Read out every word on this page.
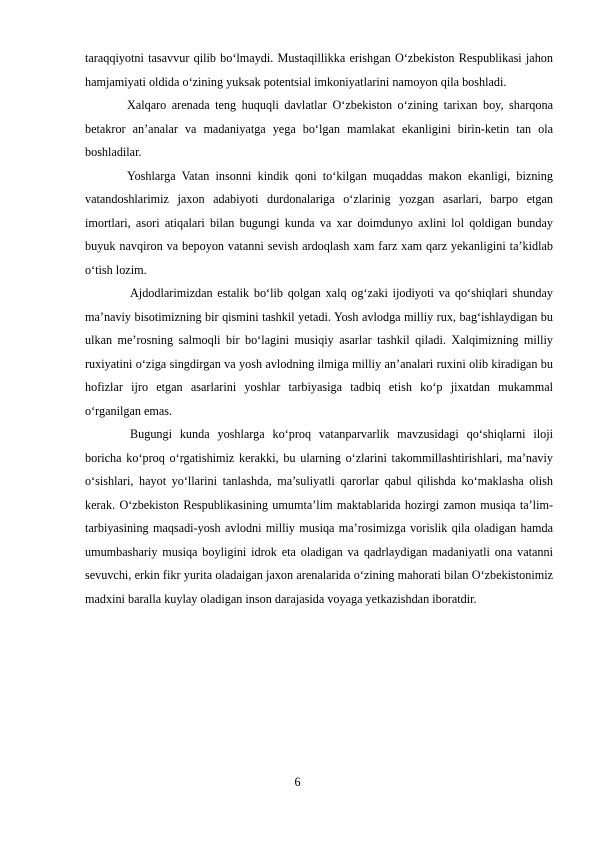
taraqqiyotni tasavvur qilib bo‘lmaydi. Mustaqillikka erishgan O‘zbekiston Respublikasi jahon hamjamiyati oldida o‘zining yuksak potentsial imkoniyatlarini namoyon qila boshladi.

Xalqaro arenada teng huquqli davlatlar O‘zbekiston o‘zining tarixan boy, sharqona betakror an’analar va madaniyatga yega bo‘lgan mamlakat ekanligini birin-ketin tan ola boshladilar.

Yoshlarga Vatan insonni kindik qoni to‘kilgan muqaddas makon ekanligi, bizning vatandoshlarimiz jaxon adabiyoti durdonalariga o‘zlarinig yozgan asarlari, barpo etgan imortlari, asori atiqalari bilan bugungi kunda va xar doimdunyo axlini lol qoldigan bunday buyuk navqiron va bepoyon vatanni sevish ardoqlash xam farz xam qarz yekanligini ta’kidlab o‘tish lozim.

Ajdodlarimizdan estalik bo‘lib qolgan xalq og‘zaki ijodiyoti va qo‘shiqlari shunday ma’naviy bisotimizning bir qismini tashkil yetadi. Yosh avlodga milliy rux, bag‘ishlaydigan bu ulkan me’rosning salmoqli bir bo‘lagini musiqiy asarlar tashkil qiladi. Xalqimizning milliy ruxiyatini o‘ziga singdirgan va yosh avlodning ilmiga milliy an’analari ruxini olib kiradigan bu hofizlar ijro etgan asarlarini yoshlar tarbiyasiga tadbiq etish ko‘p jixatdan mukammal o‘rganilgan emas.

Bugungi kunda yoshlarga ko‘proq vatanparvarlik mavzusidagi qo‘shiqlarni iloji boricha ko‘proq o‘rgatishimiz kerakki, bu ularning o‘zlarini takommillashtirishlari, ma’naviy o‘sishlari, hayot yo‘llarini tanlashda, ma’suliyatli qarorlar qabul qilishda ko‘maklasha olish kerak. O‘zbekiston Respublikasining umumta’lim maktablarida hozirgi zamon musiqa ta’lim-tarbiyasining maqsadi-yosh avlodni milliy musiqa ma’rosimizga vorislik qila oladigan hamda umumbashariy musiqa boyligini idrok eta oladigan va qadrlaydigan madaniyatli ona vatanni sevuvchi, erkin fikr yurita oladaigan jaxon arenalarida o‘zining mahorati bilan O‘zbekistonimiz madxini baralla kuylay oladigan inson darajasida voyaga yetkazishdan iboratdir.

6
